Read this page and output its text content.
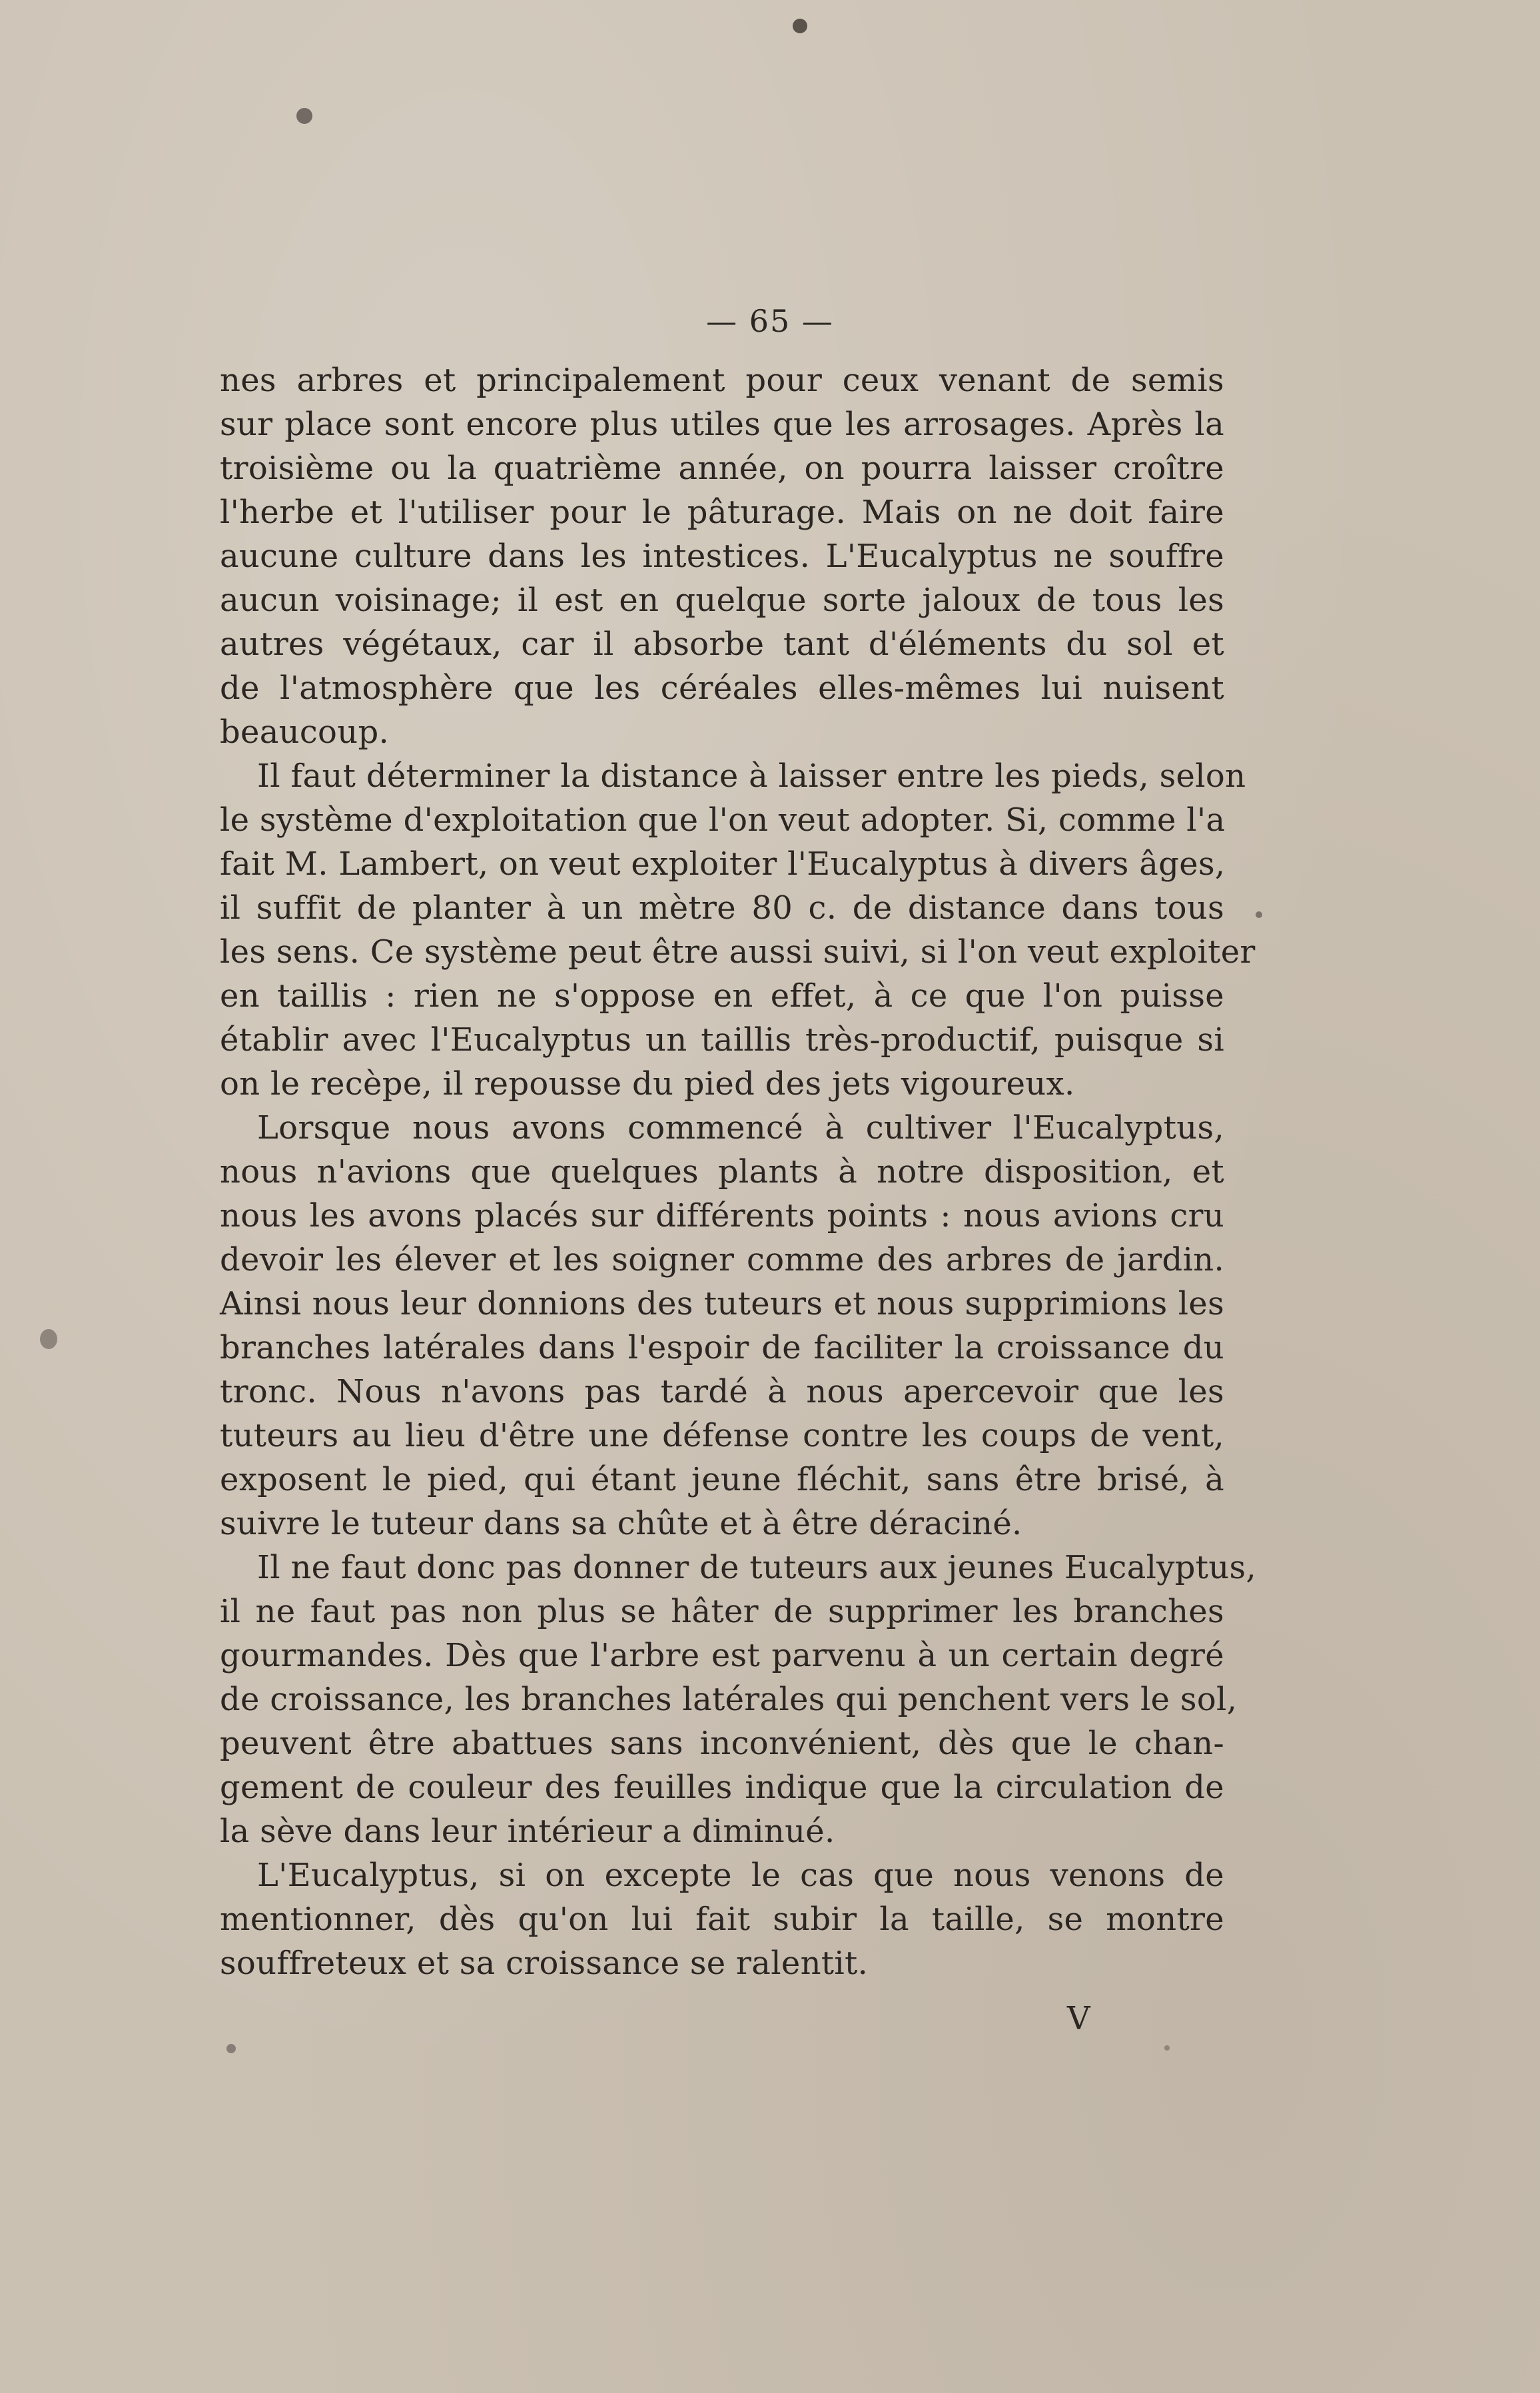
— 65 —
nes arbres et principalement pour ceux venant de semis
sur place sont encore plus utiles que les arrosages. Après la
troisième ou la quatrième année, on pourra laisser croître
l'herbe et l'utiliser pour le pâturage. Mais on ne doit faire
aucune culture dans les intestices. L'Eucalyptus ne souffre
aucun voisinage; il est en quelque sorte jaloux de tous les
autres végétaux, car il absorbe tant d'éléments du sol et
de l'atmosphère que les céréales elles-mêmes lui nuisent
beaucoup.
Il faut déterminer la distance à laisser entre les pieds, selon
le système d'exploitation que l'on veut adopter. Si, comme l'a
fait M. Lambert, on veut exploiter l'Eucalyptus à divers âges,
il suffit de planter à un mètre 80 c. de distance dans tous
les sens. Ce système peut être aussi suivi, si l'on veut exploiter
en taillis : rien ne s'oppose en effet, à ce que l'on puisse
établir avec l'Eucalyptus un taillis très-productif, puisque si
on le recèpe, il repousse du pied des jets vigoureux.
Lorsque nous avons commencé à cultiver l'Eucalyptus,
nous n'avions que quelques plants à notre disposition, et
nous les avons placés sur différents points : nous avions cru
devoir les élever et les soigner comme des arbres de jardin.
Ainsi nous leur donnions des tuteurs et nous supprimions les
branches latérales dans l'espoir de faciliter la croissance du
tronc. Nous n'avons pas tardé à nous apercevoir que les
tuteurs au lieu d'être une défense contre les coups de vent,
exposent le pied, qui étant jeune fléchit, sans être brisé, à
suivre le tuteur dans sa chûte et à être déraciné.
Il ne faut donc pas donner de tuteurs aux jeunes Eucalyptus,
il ne faut pas non plus se hâter de supprimer les branches
gourmandes. Dès que l'arbre est parvenu à un certain degré
de croissance, les branches latérales qui penchent vers le sol,
peuvent être abattues sans inconvénient, dès que le chan-
gement de couleur des feuilles indique que la circulation de
la sève dans leur intérieur a diminué.
L'Eucalyptus, si on excepte le cas que nous venons de
mentionner, dès qu'on lui fait subir la taille, se montre
souffreteux et sa croissance se ralentit.
V
